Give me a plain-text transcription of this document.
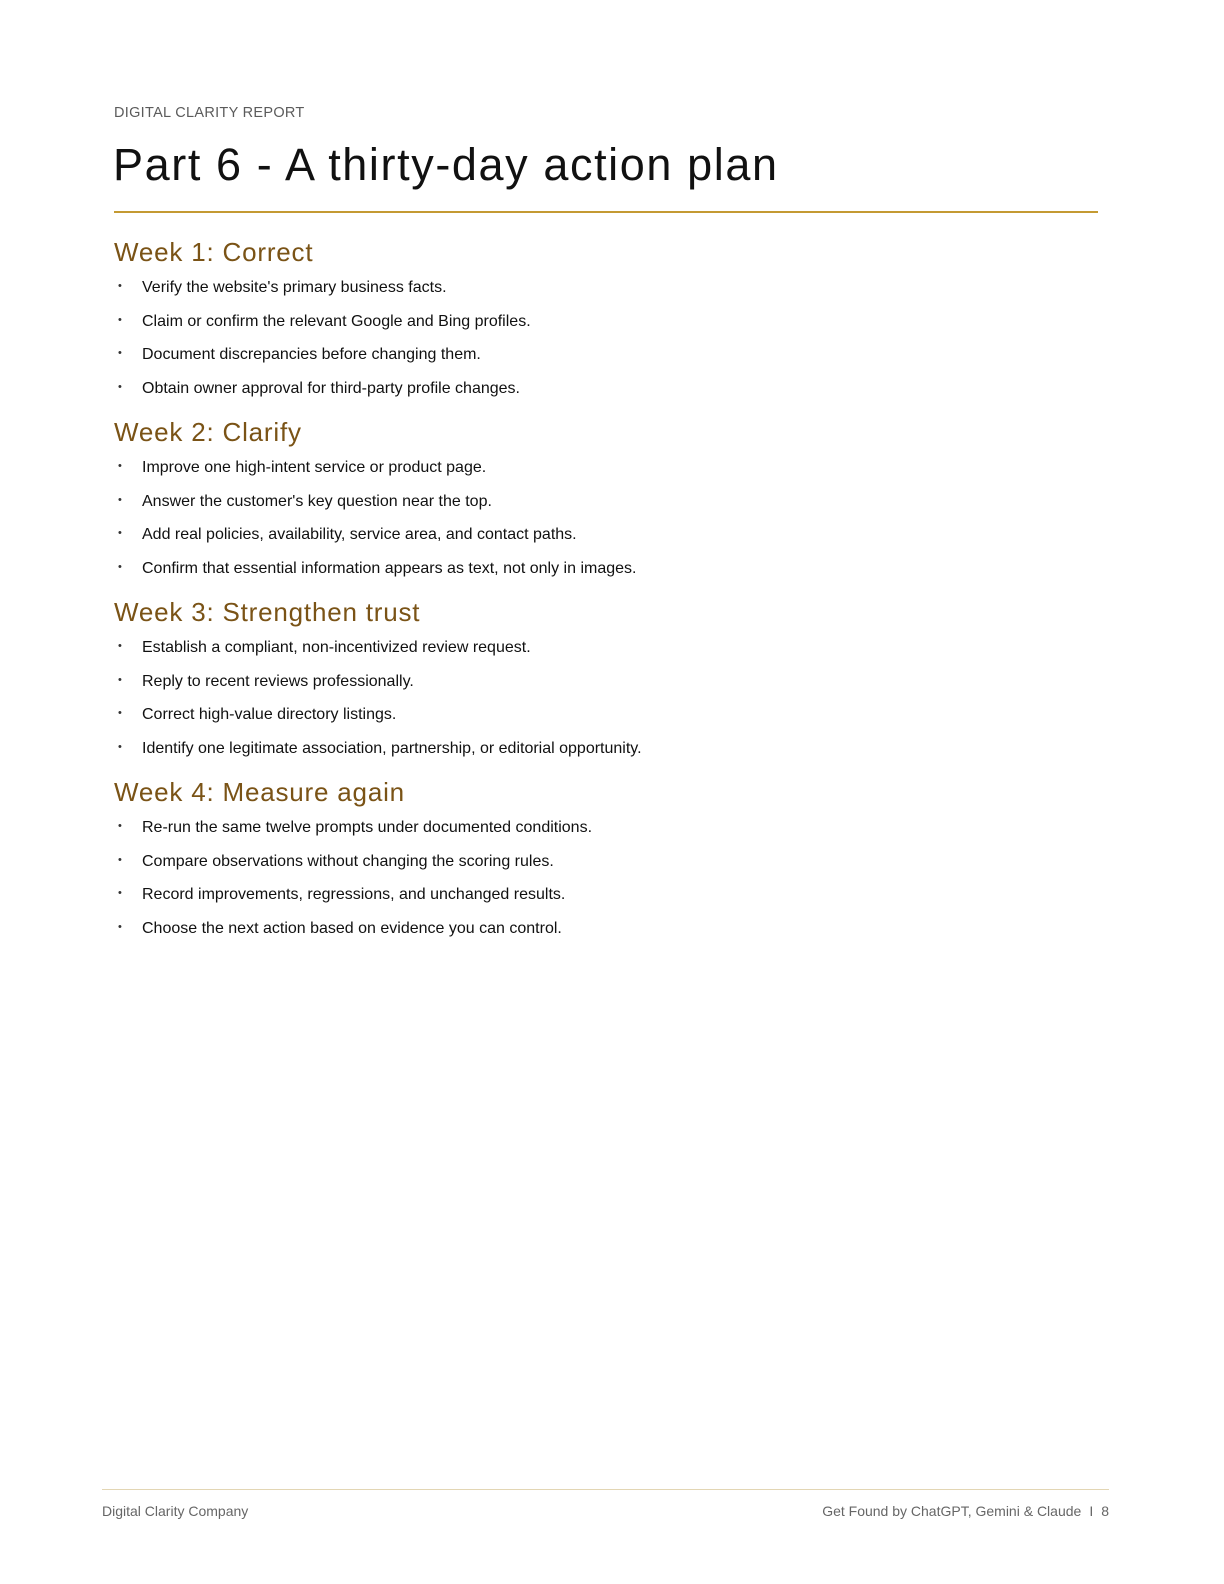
DIGITAL CLARITY REPORT
Part 6 - A thirty-day action plan
Week 1: Correct
• Verify the website's primary business facts.
• Claim or confirm the relevant Google and Bing profiles.
• Document discrepancies before changing them.
• Obtain owner approval for third-party profile changes.
Week 2: Clarify
• Improve one high-intent service or product page.
• Answer the customer's key question near the top.
• Add real policies, availability, service area, and contact paths.
• Confirm that essential information appears as text, not only in images.
Week 3: Strengthen trust
• Establish a compliant, non-incentivized review request.
• Reply to recent reviews professionally.
• Correct high-value directory listings.
• Identify one legitimate association, partnership, or editorial opportunity.
Week 4: Measure again
• Re-run the same twelve prompts under documented conditions.
• Compare observations without changing the scoring rules.
• Record improvements, regressions, and unchanged results.
• Choose the next action based on evidence you can control.
Digital Clarity Company	Get Found by ChatGPT, Gemini & Claude I 8
